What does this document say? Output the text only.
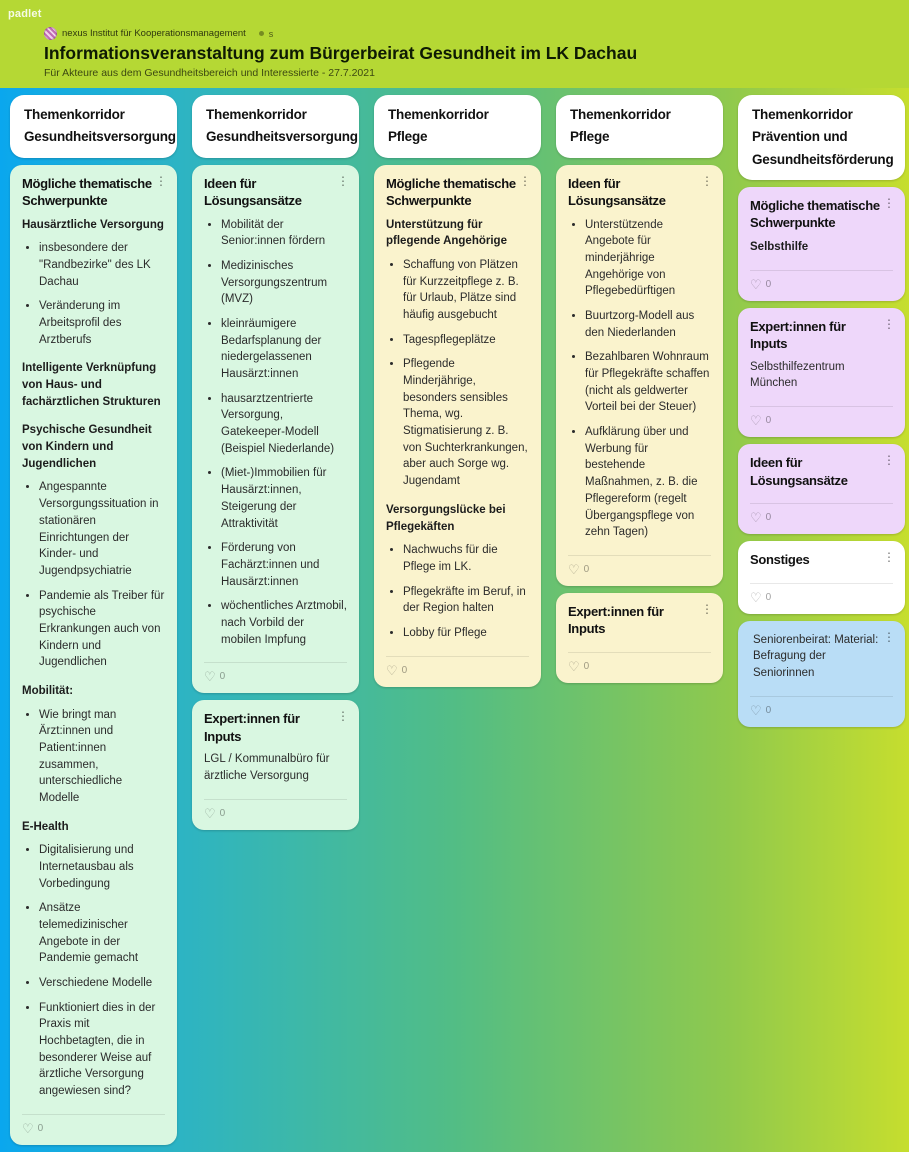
padlet
nexus Institut für Kooperationsmanagement	s
Informationsveranstaltung zum Bürgerbeirat Gesundheit im LK Dachau
Für Akteure aus dem Gesundheitsbereich und Interessierte - 27.7.2021
Themenkorridor Gesundheitsversorgung
⋮
Mögliche thematische Schwerpunkte
Hausärztliche Versorgung
• insbesondere der "Randbezirke" des LK Dachau
• Veränderung im Arbeitsprofil des Arztberufs
Intelligente Verknüpfung von Haus- und fachärztlichen Strukturen
Psychische Gesundheit von Kindern und Jugendlichen
• Angespannte Versorgungssituation in stationären Einrichtungen der Kinder- und Jugendpsychiatrie
• Pandemie als Treiber für psychische Erkrankungen auch von Kindern und Jugendlichen
Mobilität:
• Wie bringt man Ärzt:innen und Patient:innen zusammen, unterschiedliche Modelle
E-Health
• Digitalisierung und Internetausbau als Vorbedingung
• Ansätze telemedizinischer Angebote in der Pandemie gemacht
• Verschiedene Modelle
• Funktioniert dies in der Praxis mit Hochbetagten, die in besonderer Weise auf ärztliche Versorgung angewiesen sind?
♡ 0
Themenkorridor Gesundheitsversorgung
⋮
Ideen für Lösungsansätze
• Mobilität der Senior:innen fördern
• Medizinisches Versorgungszentrum (MVZ)
• kleinräumigere Bedarfsplanung der niedergelassenen Hausärzt:innen
• hausarztzentrierte Versorgung, Gatekeeper-Modell (Beispiel Niederlande)
• (Miet-)Immobilien für Hausärzt:innen, Steigerung der Attraktivität
• Förderung von Fachärzt:innen und Hausärzt:innen
• wöchentliches Arztmobil, nach Vorbild der mobilen Impfung
♡ 0
⋮
Expert:innen für Inputs
LGL / Kommunalbüro für ärztliche Versorgung
♡ 0
Themenkorridor Pflege
⋮
Mögliche thematische Schwerpunkte
Unterstützung für pflegende Angehörige
• Schaffung von Plätzen für Kurzzeitpflege z. B. für Urlaub, Plätze sind häufig ausgebucht
• Tagespflegeplätze
• Pflegende Minderjährige, besonders sensibles Thema, wg. Stigmatisierung z. B. von Suchterkrankungen, aber auch Sorge wg. Jugendamt
Versorgungslücke bei Pflegekäften
• Nachwuchs für die Pflege im LK.
• Pflegekräfte im Beruf, in der Region halten
• Lobby für Pflege
♡ 0
Themenkorridor Pflege
⋮
Ideen für Lösungsansätze
• Unterstützende Angebote für minderjährige Angehörige von Pflegebedürftigen
• Buurtzorg-Modell aus den Niederlanden
• Bezahlbaren Wohnraum für Pflegekräfte schaffen (nicht als geldwerter Vorteil bei der Steuer)
• Aufklärung über und Werbung für bestehende Maßnahmen, z. B. die Pflegereform (regelt Übergangspflege von zehn Tagen)
♡ 0
⋮
Expert:innen für Inputs
♡ 0
Themenkorridor Prävention und Gesundheitsförderung
⋮
Mögliche thematische Schwerpunkte
Selbsthilfe
♡ 0
⋮
Expert:innen für Inputs
Selbsthilfezentrum München
♡ 0
⋮
Ideen für Lösungsansätze
♡ 0
⋮
Sonstiges
♡ 0
⋮
Seniorenbeirat: Material: Befragung der Seniorinnen
♡ 0
